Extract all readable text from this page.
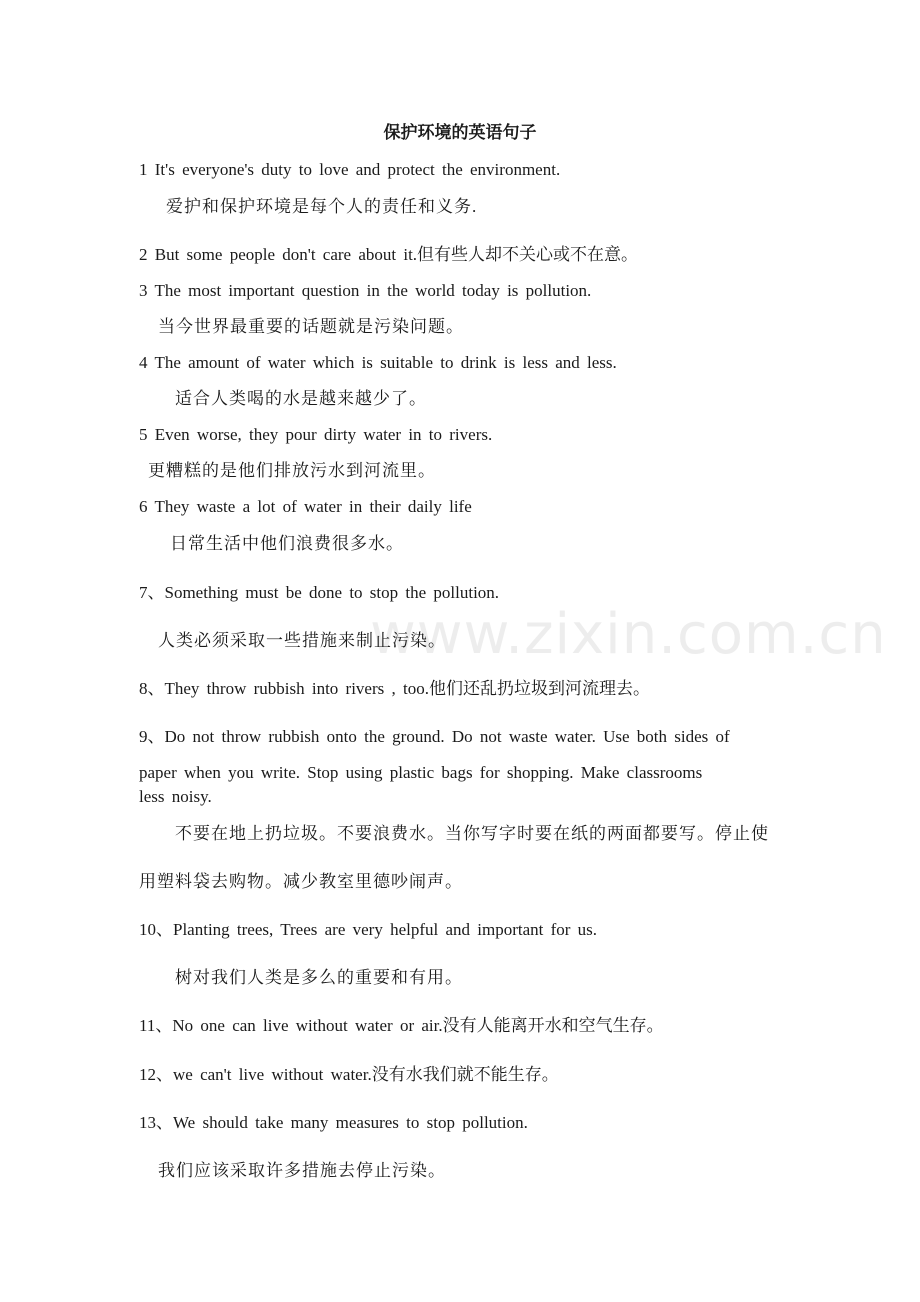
www.zixin.com.cn
保护环境的英语句子
1 It's everyone's duty to love and protect the environment.
爱护和保护环境是每个人的责任和义务.
2 But some people don't care about it.但有些人却不关心或不在意。
3 The most important question in the world today is pollution.
当今世界最重要的话题就是污染问题。
4 The amount of water which is suitable to drink is less and less.
适合人类喝的水是越来越少了。
5 Even worse, they pour dirty water in to rivers.
更糟糕的是他们排放污水到河流里。
6 They waste a lot of water in their daily life
日常生活中他们浪费很多水。
7、Something must be done to stop the pollution.
人类必须采取一些措施来制止污染。
8、They throw rubbish into rivers , too.他们还乱扔垃圾到河流理去。
9、Do not throw rubbish onto the ground. Do not waste water. Use both sides of
paper when you write. Stop using plastic bags for shopping. Make classrooms
less noisy.
不要在地上扔垃圾。不要浪费水。当你写字时要在纸的两面都要写。停止使
用塑料袋去购物。减少教室里德吵闹声。
10、Planting trees, Trees are very helpful and important for us.
树对我们人类是多么的重要和有用。
11、No one can live without water or air.没有人能离开水和空气生存。
12、we can't live without water.没有水我们就不能生存。
13、We should take many measures to stop pollution.
我们应该采取许多措施去停止污染。
